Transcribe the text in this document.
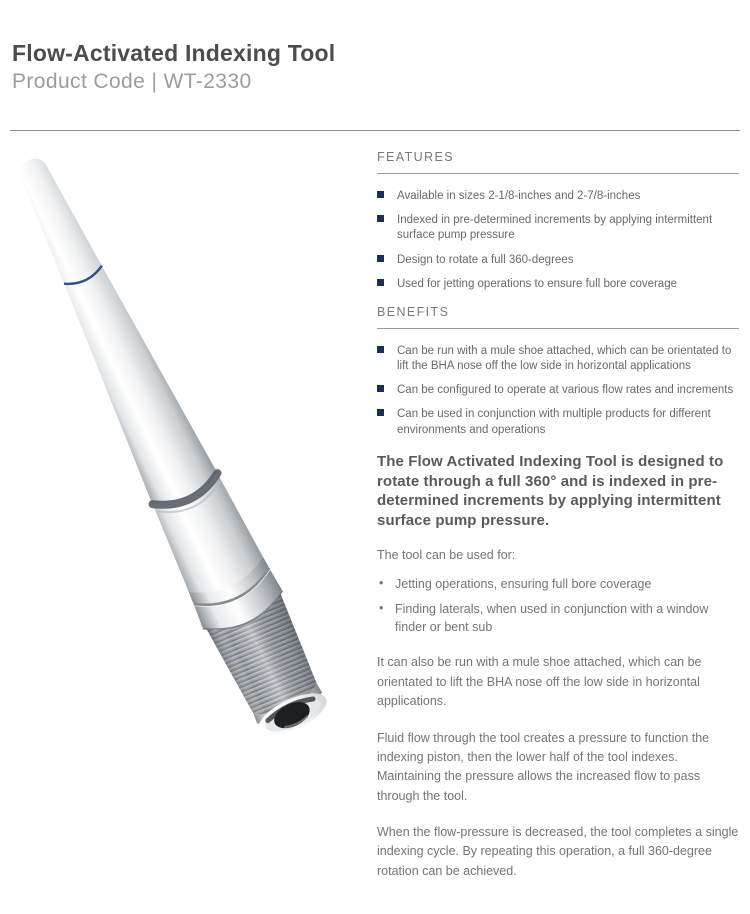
Flow-Activated Indexing Tool
Product Code | WT-2330
FEATURES
Available in sizes 2-1/8-inches and 2-7/8-inches
Indexed in pre-determined increments by applying intermittent surface pump pressure
Design to rotate a full 360-degrees
Used for jetting operations to ensure full bore coverage
BENEFITS
Can be run with a mule shoe attached, which can be orientated to lift the BHA nose off the low side in horizontal applications
Can be configured to operate at various flow rates and increments
Can be used in conjunction with multiple products for different environments and operations

The Flow Activated Indexing Tool is designed to rotate through a full 360° and is indexed in pre-determined increments by applying intermittent surface pump pressure.

The tool can be used for:

• Jetting operations, ensuring full bore coverage
• Finding laterals, when used in conjunction with a window finder or bent sub

It can also be run with a mule shoe attached, which can be orientated to lift the BHA nose off the low side in horizontal applications.

Fluid flow through the tool creates a pressure to function the indexing piston, then the lower half of the tool indexes. Maintaining the pressure allows the increased flow to pass through the tool.

When the flow-pressure is decreased, the tool completes a single indexing cycle. By repeating this operation, a full 360-degree rotation can be achieved.
